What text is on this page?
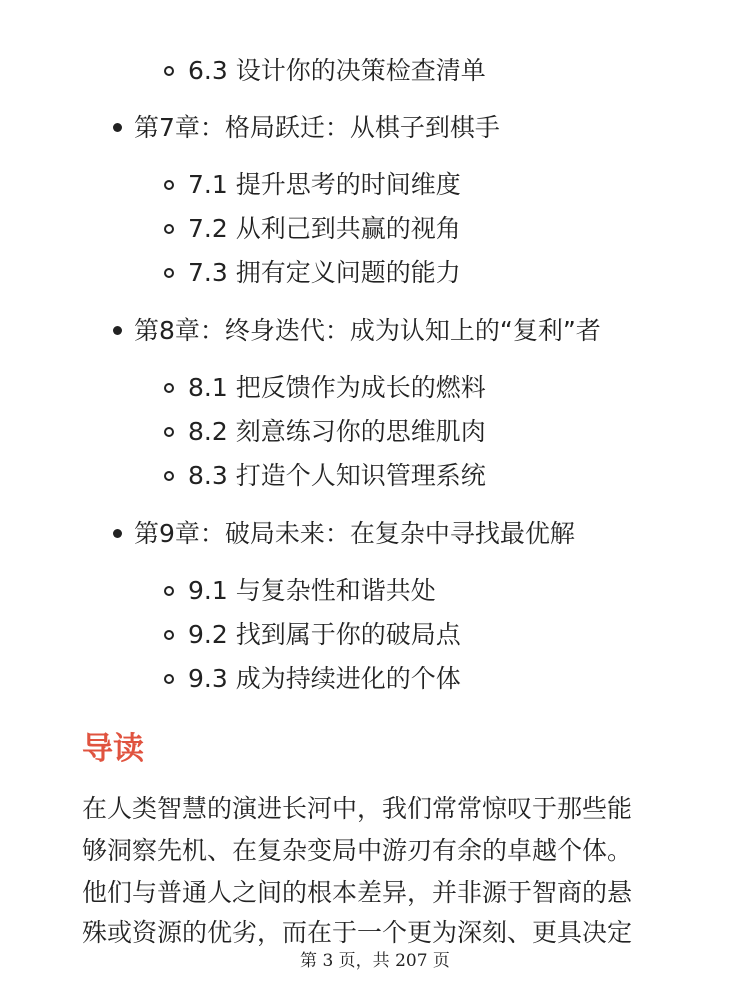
6.3 设计你的决策检查清单
第7章：格局跃迁：从棋子到棋手
7.1 提升思考的时间维度
7.2 从利己到共赢的视角
7.3 拥有定义问题的能力
第8章：终身迭代：成为认知上的“复利”者
8.1 把反馈作为成长的燃料
8.2 刻意练习你的思维肌肉
8.3 打造个人知识管理系统
第9章：破局未来：在复杂中寻找最优解
9.1 与复杂性和谐共处
9.2 找到属于你的破局点
9.3 成为持续进化的个体
导读
在人类智慧的演进长河中，我们常常惊叹于那些能
够洞察先机、在复杂变局中游刃有余的卓越个体。
他们与普通人之间的根本差异，并非源于智商的悬
殊或资源的优劣，而在于一个更为深刻、更具决定
第 3 页，共 207 页
